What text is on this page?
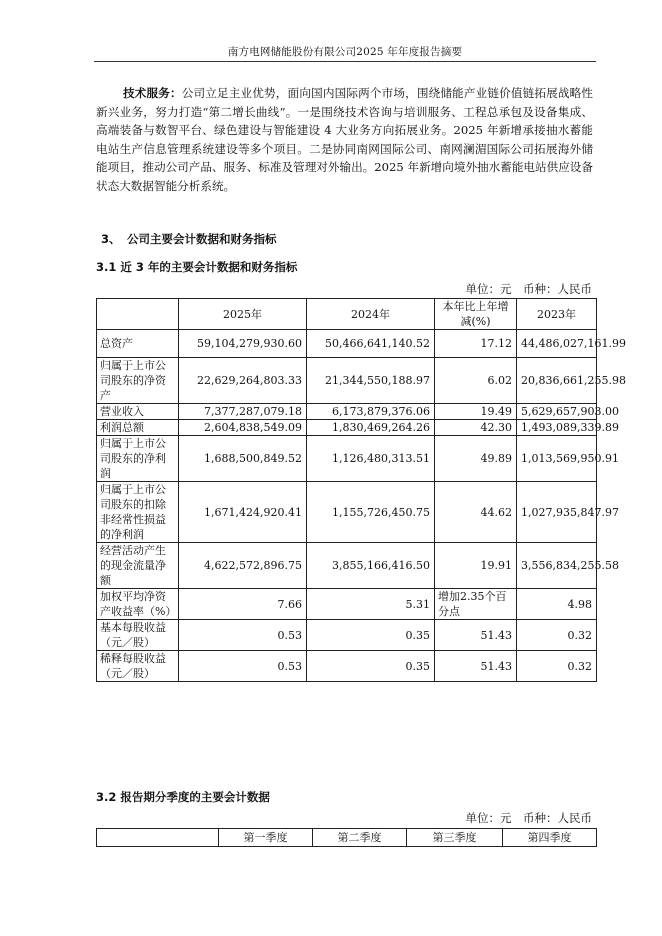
南方电网储能股份有限公司2025 年年度报告摘要
技术服务：公司立足主业优势，面向国内国际两个市场，围绕储能产业链价值链拓展战略性新兴业务，努力打造“第二增长曲线”。一是围绕技术咨询与培训服务、工程总承包及设备集成、高端装备与数智平台、绿色建设与智能建设 4 大业务方向拓展业务。2025 年新增承接抽水蓄能电站生产信息管理系统建设等多个项目。二是协同南网国际公司、南网澜湄国际公司拓展海外储能项目，推动公司产品、服务、标准及管理对外输出。2025 年新增向境外抽水蓄能电站供应设备状态大数据智能分析系统。
3、 公司主要会计数据和财务指标
3.1 近 3 年的主要会计数据和财务指标
单位：元　币种：人民币
	2025年	2024年	本年比上年增减(%)	2023年
总资产	59,104,279,930.60	50,466,641,140.52	17.12	44,486,027,161.99
归属于上市公司股东的净资产	22,629,264,803.33	21,344,550,188.97	6.02	20,836,661,255.98
营业收入	7,377,287,079.18	6,173,879,376.06	19.49	5,629,657,903.00
利润总额	2,604,838,549.09	1,830,469,264.26	42.30	1,493,089,339.89
归属于上市公司股东的净利润	1,688,500,849.52	1,126,480,313.51	49.89	1,013,569,950.91
归属于上市公司股东的扣除非经常性损益的净利润	1,671,424,920.41	1,155,726,450.75	44.62	1,027,935,847.97
经营活动产生的现金流量净额	4,622,572,896.75	3,855,166,416.50	19.91	3,556,834,255.58
加权平均净资产收益率（%）	7.66	5.31	增加2.35个百分点	4.98
基本每股收益（元／股）	0.53	0.35	51.43	0.32
稀释每股收益（元／股）	0.53	0.35	51.43	0.32
3.2 报告期分季度的主要会计数据
单位：元　币种：人民币
	第一季度	第二季度	第三季度	第四季度
